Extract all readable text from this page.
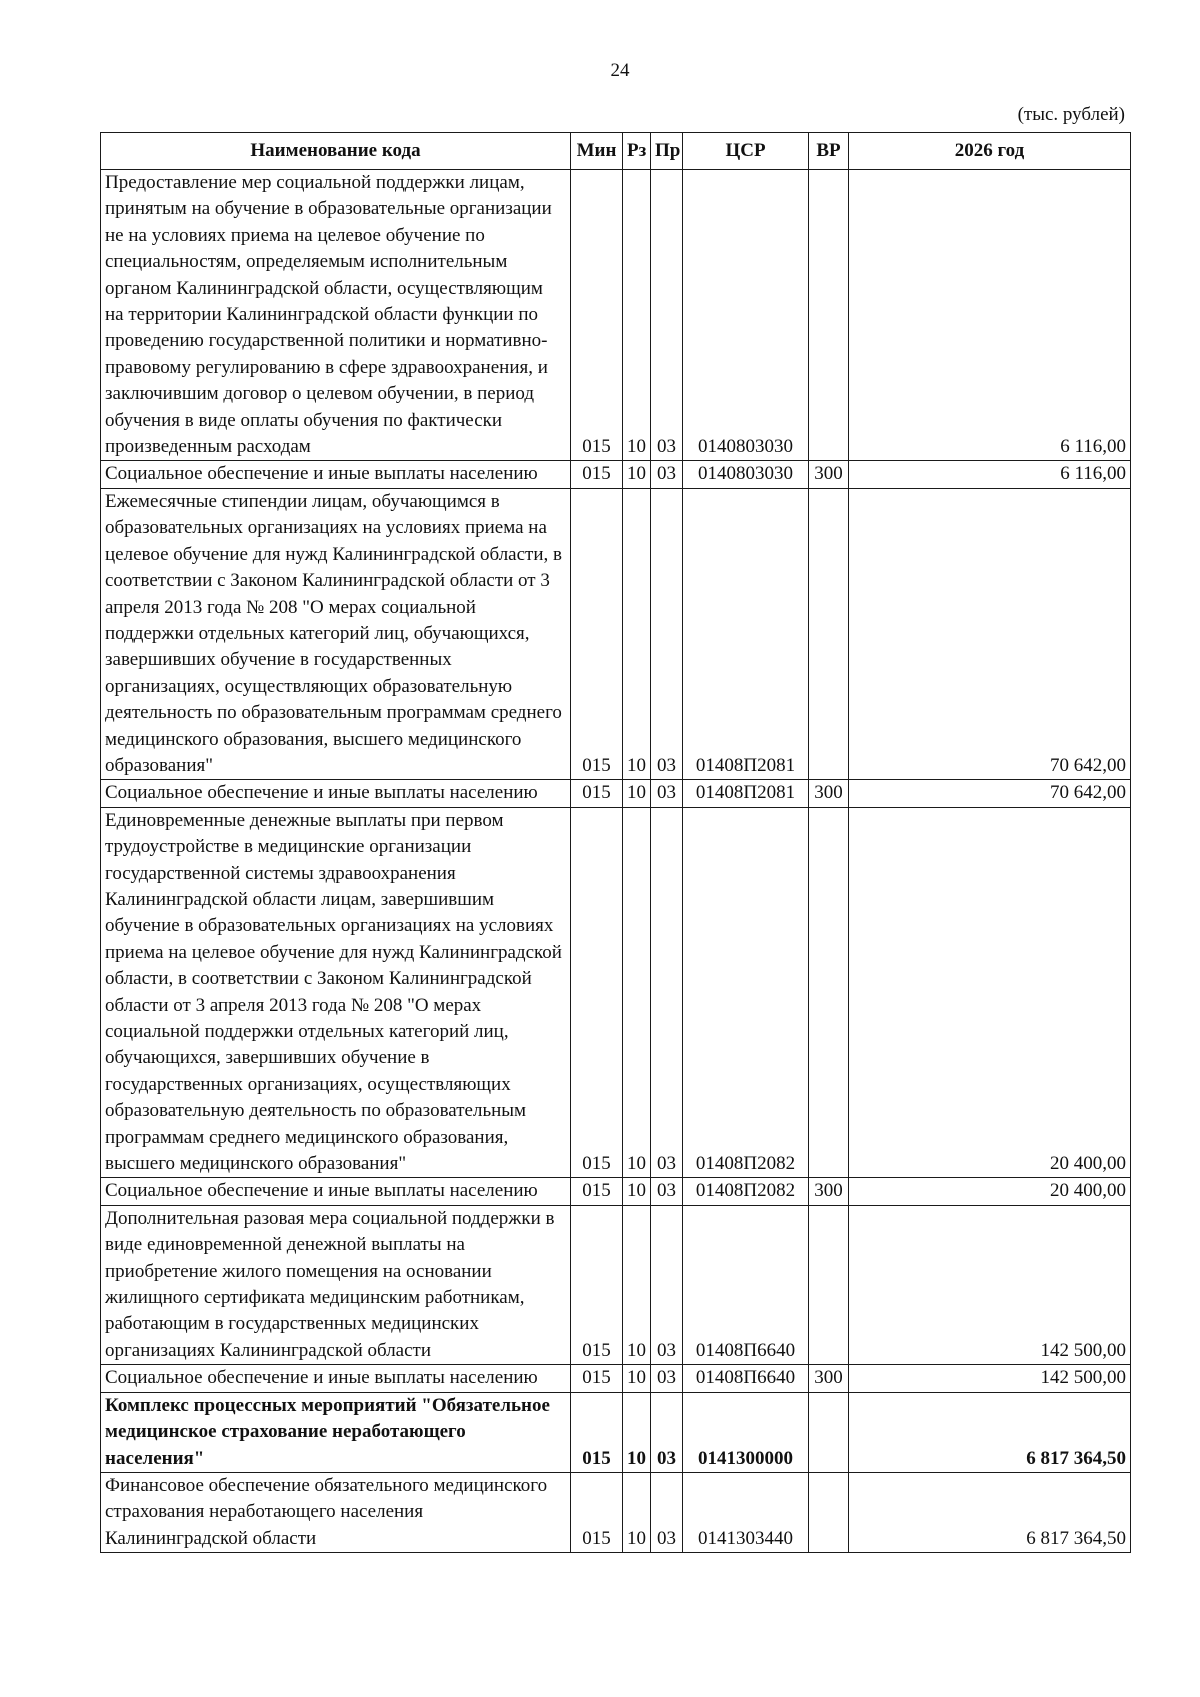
24
(тыс. рублей)
Наименование кода	Мин	Рз	Пр	ЦСР	ВР	2026 год
Предоставление мер социальной поддержки лицам, принятым на обучение в образовательные организации не на условиях приема на целевое обучение по специальностям, определяемым исполнительным органом Калининградской области, осуществляющим на территории Калининградской области функции по проведению государственной политики и нормативно-правовому регулированию в сфере здравоохранения, и заключившим договор о целевом обучении, в период обучения в виде оплаты обучения по фактически произведенным расходам	015	10	03	0140803030		6 116,00
Социальное обеспечение и иные выплаты населению	015	10	03	0140803030	300	6 116,00
Ежемесячные стипендии лицам, обучающимся в образовательных организациях на условиях приема на целевое обучение для нужд Калининградской области, в соответствии с Законом Калининградской области от 3 апреля 2013 года № 208 "О мерах социальной поддержки отдельных категорий лиц, обучающихся, завершивших обучение в государственных организациях, осуществляющих образовательную деятельность по образовательным программам среднего медицинского образования, высшего медицинского образования"	015	10	03	01408П2081		70 642,00
Социальное обеспечение и иные выплаты населению	015	10	03	01408П2081	300	70 642,00
Единовременные денежные выплаты при первом трудоустройстве в медицинские организации государственной системы здравоохранения Калининградской области лицам, завершившим обучение в образовательных организациях на условиях приема на целевое обучение для нужд Калининградской области, в соответствии с Законом Калининградской области от 3 апреля 2013 года № 208 "О мерах социальной поддержки отдельных категорий лиц, обучающихся, завершивших обучение в государственных организациях, осуществляющих образовательную деятельность по образовательным программам среднего медицинского образования, высшего медицинского образования"	015	10	03	01408П2082		20 400,00
Социальное обеспечение и иные выплаты населению	015	10	03	01408П2082	300	20 400,00
Дополнительная разовая мера социальной поддержки в виде единовременной денежной выплаты на приобретение жилого помещения на основании жилищного сертификата медицинским работникам, работающим в государственных медицинских организациях Калининградской области	015	10	03	01408П6640		142 500,00
Социальное обеспечение и иные выплаты населению	015	10	03	01408П6640	300	142 500,00
Комплекс процессных мероприятий "Обязательное медицинское страхование неработающего населения"	015	10	03	0141300000		6 817 364,50
Финансовое обеспечение обязательного медицинского страхования неработающего населения Калининградской области	015	10	03	0141303440		6 817 364,50
